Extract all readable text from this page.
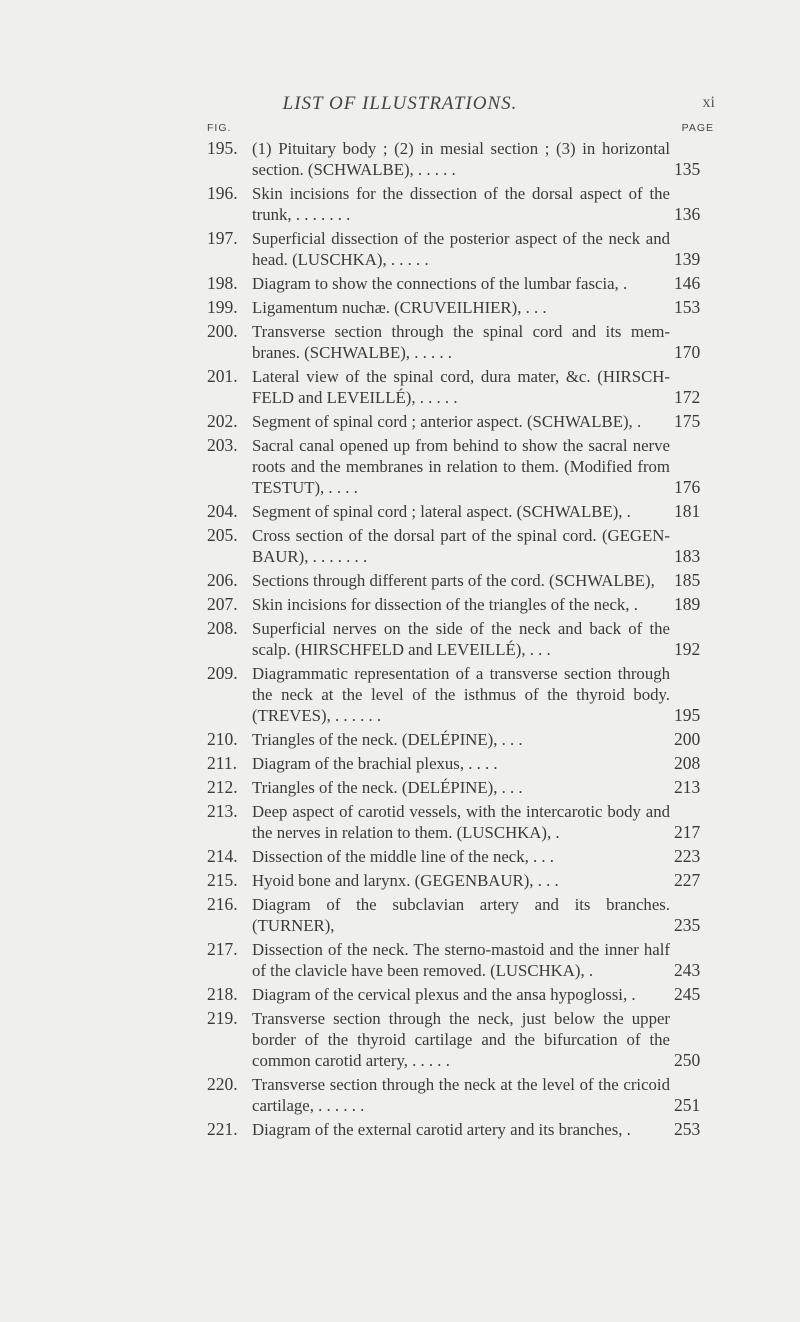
LIST OF ILLUSTRATIONS.	xi
FIG.	PAGE
195. (1) Pituitary body ; (2) in mesial section ; (3) in horizontal section. (SCHWALBE), . . . . .	135
196. Skin incisions for the dissection of the dorsal aspect of the trunk, . . . . . . .	136
197. Superficial dissection of the posterior aspect of the neck and head. (LUSCHKA), . . . . .	139
198. Diagram to show the connections of the lumbar fascia, .	146
199. Ligamentum nuchæ. (CRUVEILHIER), . . .	153
200. Transverse section through the spinal cord and its mem-branes. (SCHWALBE), . . . . .	170
201. Lateral view of the spinal cord, dura mater, &c. (HIRSCH-FELD and LEVEILLÉ), . . . . .	172
202. Segment of spinal cord ; anterior aspect. (SCHWALBE), . 175
203. Sacral canal opened up from behind to show the sacral nerve roots and the membranes in relation to them. (Modified from TESTUT), . . . .	176
204. Segment of spinal cord ; lateral aspect. (SCHWALBE), . 181
205. Cross section of the dorsal part of the spinal cord. (GEGEN-BAUR), . . . . . . .	183
206. Sections through different parts of the cord. (SCHWALBE), 185
207. Skin incisions for dissection of the triangles of the neck, . 189
208. Superficial nerves on the side of the neck and back of the scalp. (HIRSCHFELD and LEVEILLÉ), . . .	192
209. Diagrammatic representation of a transverse section through the neck at the level of the isthmus of the thyroid body. (TREVES), . . . . . .	195
210. Triangles of the neck. (DELÉPINE), . . .	200
211. Diagram of the brachial plexus, . . . .	208
212. Triangles of the neck. (DELÉPINE), . . .	213
213. Deep aspect of carotid vessels, with the intercarotic body and the nerves in relation to them. (LUSCHKA), .	217
214. Dissection of the middle line of the neck, . . .	223
215. Hyoid bone and larynx. (GEGENBAUR), . . .	227
216. Diagram of the subclavian artery and its branches. (TURNER),	235
217. Dissection of the neck. The sterno-mastoid and the inner half of the clavicle have been removed. (LUSCHKA), .	243
218. Diagram of the cervical plexus and the ansa hypoglossi, . 245
219. Transverse section through the neck, just below the upper border of the thyroid cartilage and the bifurcation of the common carotid artery, . . . . .	250
220. Transverse section through the neck at the level of the cricoid cartilage, . . . . . .	251
221. Diagram of the external carotid artery and its branches, . 253
